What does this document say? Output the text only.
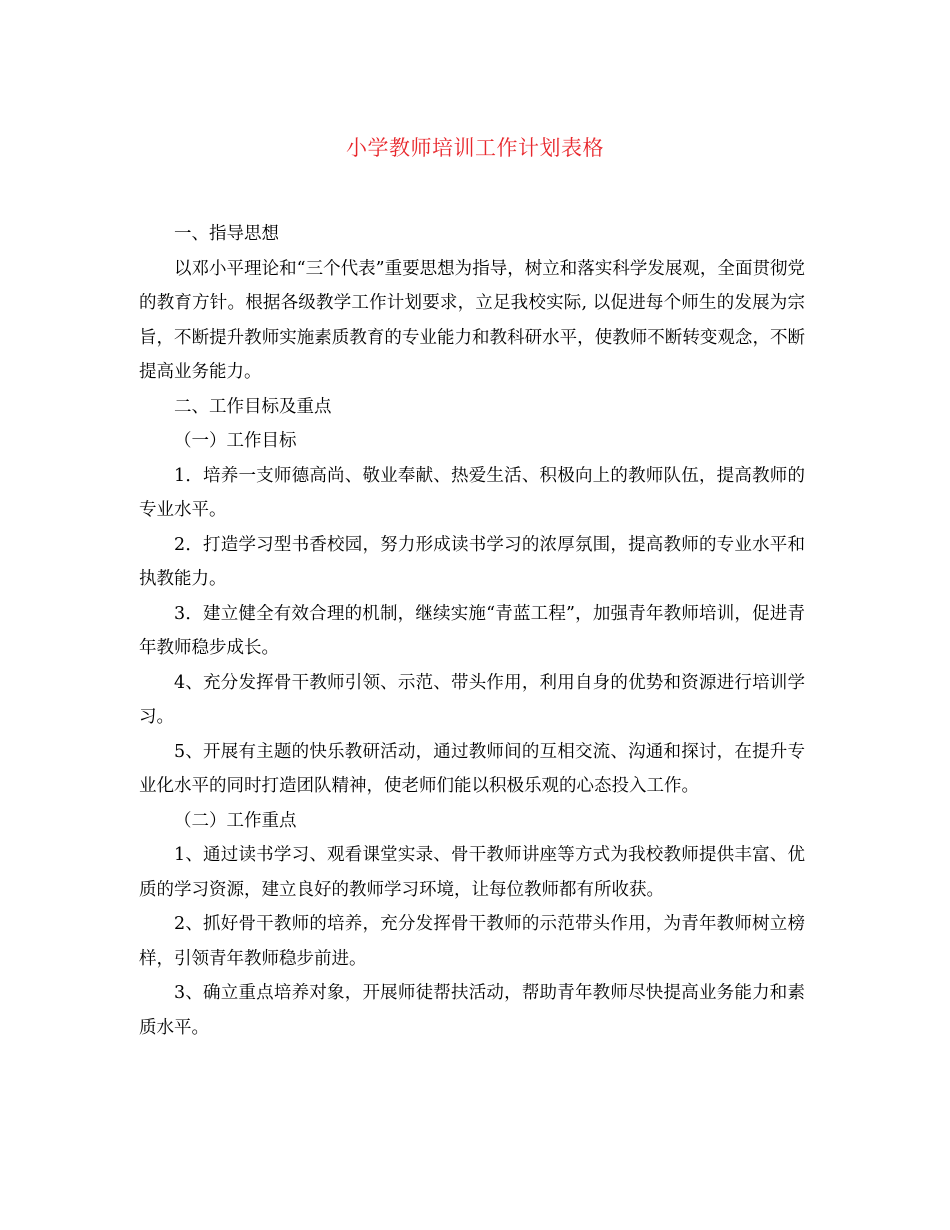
小学教师培训工作计划表格

一、指导思想

以邓小平理论和“三个代表”重要思想为指导，树立和落实科学发展观，全面贯彻党的教育方针。根据各级教学工作计划要求，立足我校实际, 以促进每个师生的发展为宗旨，不断提升教师实施素质教育的专业能力和教科研水平，使教师不断转变观念，不断提高业务能力。

二、工作目标及重点

（一）工作目标

1．培养一支师德高尚、敬业奉献、热爱生活、积极向上的教师队伍，提高教师的专业水平。

2．打造学习型书香校园，努力形成读书学习的浓厚氛围，提高教师的专业水平和执教能力。

3．建立健全有效合理的机制，继续实施“青蓝工程”，加强青年教师培训，促进青年教师稳步成长。

4、充分发挥骨干教师引领、示范、带头作用，利用自身的优势和资源进行培训学习。

5、开展有主题的快乐教研活动，通过教师间的互相交流、沟通和探讨，在提升专业化水平的同时打造团队精神，使老师们能以积极乐观的心态投入工作。

（二）工作重点

1、通过读书学习、观看课堂实录、骨干教师讲座等方式为我校教师提供丰富、优质的学习资源，建立良好的教师学习环境，让每位教师都有所收获。

2、抓好骨干教师的培养，充分发挥骨干教师的示范带头作用，为青年教师树立榜样，引领青年教师稳步前进。

3、确立重点培养对象，开展师徒帮扶活动，帮助青年教师尽快提高业务能力和素质水平。
